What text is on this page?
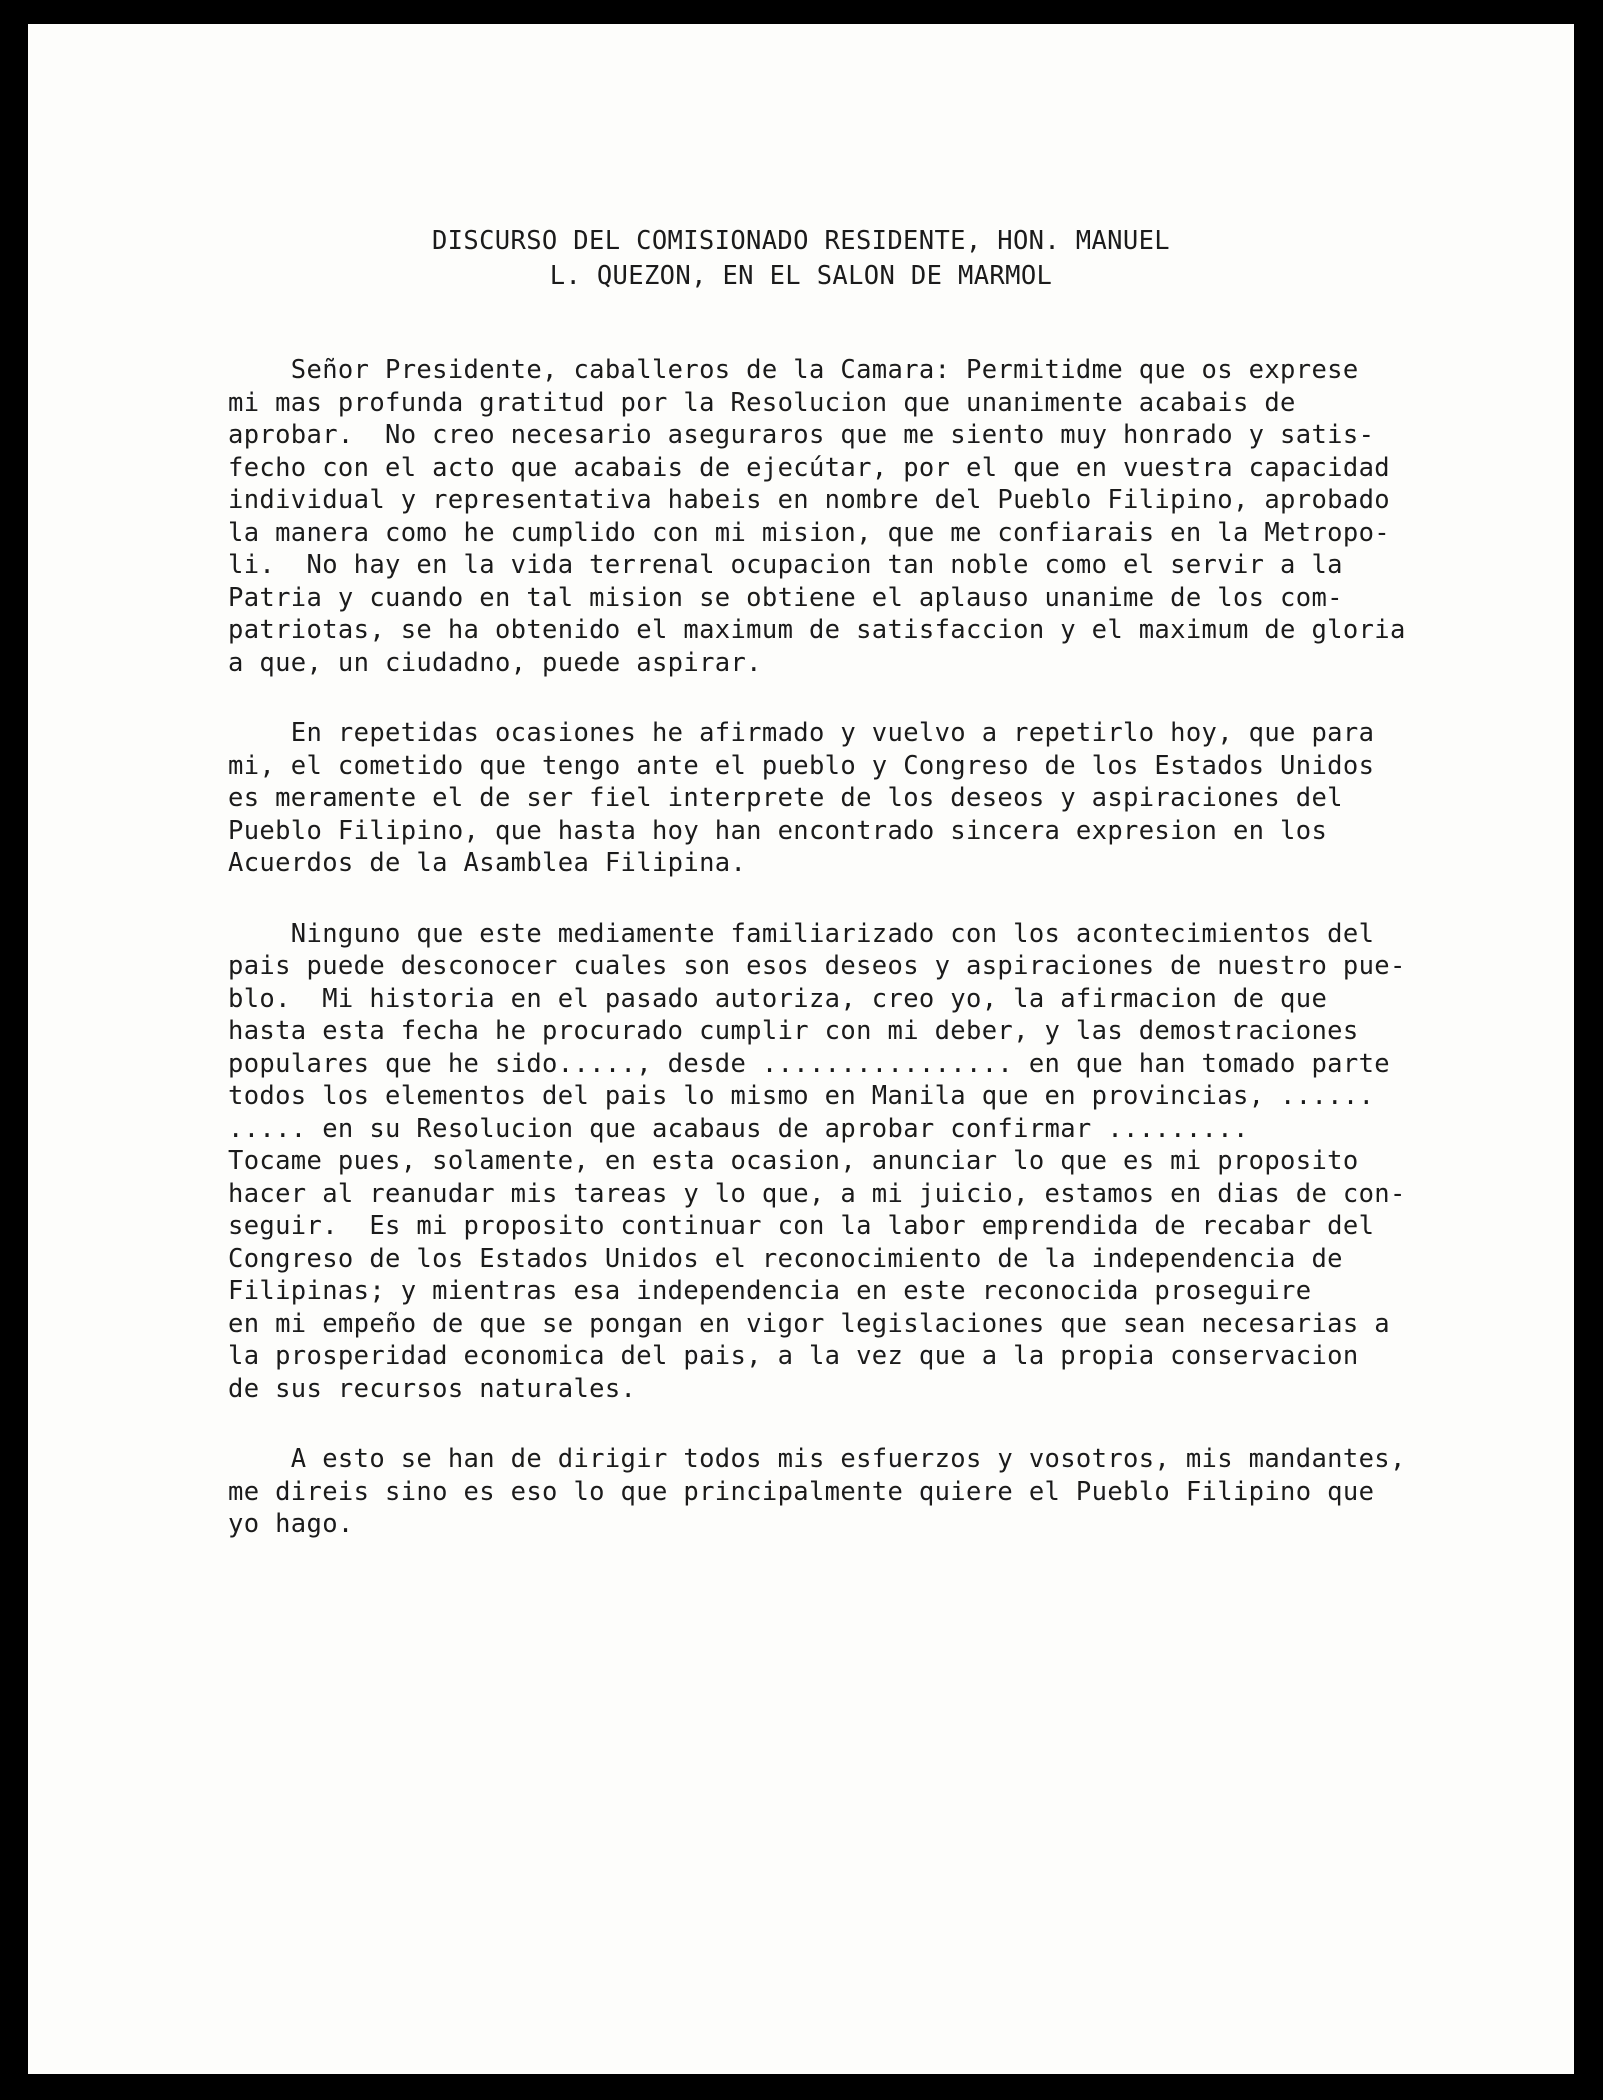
DISCURSO DEL COMISIONADO RESIDENTE, HON. MANUEL
L. QUEZON, EN EL SALON DE MARMOL
Señor Presidente, caballeros de la Camara: Permitidme que os exprese
mi mas profunda gratitud por la Resolucion que unanimente acabais de
aprobar.  No creo necesario aseguraros que me siento muy honrado y satis-
fecho con el acto que acabais de ejecútar, por el que en vuestra capacidad
individual y representativa habeis en nombre del Pueblo Filipino, aprobado
la manera como he cumplido con mi mision, que me confiarais en la Metropo-
li.  No hay en la vida terrenal ocupacion tan noble como el servir a la
Patria y cuando en tal mision se obtiene el aplauso unanime de los com-
patriotas, se ha obtenido el maximum de satisfaccion y el maximum de gloria
a que, un ciudadno, puede aspirar.
En repetidas ocasiones he afirmado y vuelvo a repetirlo hoy, que para
mi, el cometido que tengo ante el pueblo y Congreso de los Estados Unidos
es meramente el de ser fiel interprete de los deseos y aspiraciones del
Pueblo Filipino, que hasta hoy han encontrado sincera expresion en los
Acuerdos de la Asamblea Filipina.
Ninguno que este mediamente familiarizado con los acontecimientos del
pais puede desconocer cuales son esos deseos y aspiraciones de nuestro pue-
blo.  Mi historia en el pasado autoriza, creo yo, la afirmacion de que
hasta esta fecha he procurado cumplir con mi deber, y las demostraciones
populares que he sido....., desde ................ en que han tomado parte
todos los elementos del pais lo mismo en Manila que en provincias, ......
..... en su Resolucion que acabaus de aprobar confirmar .........
Tocame pues, solamente, en esta ocasion, anunciar lo que es mi proposito
hacer al reanudar mis tareas y lo que, a mi juicio, estamos en dias de con-
seguir.  Es mi proposito continuar con la labor emprendida de recabar del
Congreso de los Estados Unidos el reconocimiento de la independencia de
Filipinas; y mientras esa independencia en este reconocida proseguire
en mi empeño de que se pongan en vigor legislaciones que sean necesarias a
la prosperidad economica del pais, a la vez que a la propia conservacion
de sus recursos naturales.
A esto se han de dirigir todos mis esfuerzos y vosotros, mis mandantes,
me direis sino es eso lo que principalmente quiere el Pueblo Filipino que
yo hago.
